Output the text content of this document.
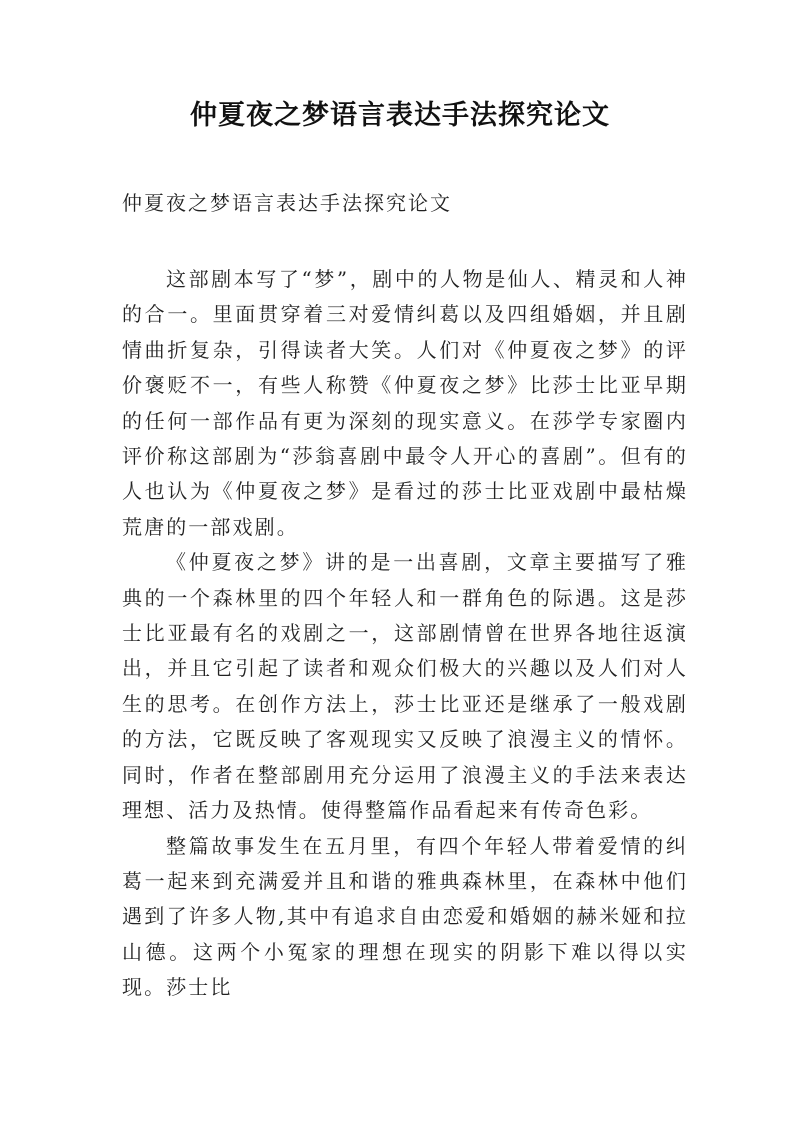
仲夏夜之梦语言表达手法探究论文

仲夏夜之梦语言表达手法探究论文

这部剧本写了“梦”，剧中的人物是仙人、精灵和人神的合一。里面贯穿着三对爱情纠葛以及四组婚姻，并且剧情曲折复杂，引得读者大笑。人们对《仲夏夜之梦》的评价褒贬不一，有些人称赞《仲夏夜之梦》比莎士比亚早期的任何一部作品有更为深刻的现实意义。在莎学专家圈内评价称这部剧为“莎翁喜剧中最令人开心的喜剧”。但有的人也认为《仲夏夜之梦》是看过的莎士比亚戏剧中最枯燥荒唐的一部戏剧。

《仲夏夜之梦》讲的是一出喜剧，文章主要描写了雅典的一个森林里的四个年轻人和一群角色的际遇。这是莎士比亚最有名的戏剧之一，这部剧情曾在世界各地往返演出，并且它引起了读者和观众们极大的兴趣以及人们对人生的思考。在创作方法上，莎士比亚还是继承了一般戏剧的方法，它既反映了客观现实又反映了浪漫主义的情怀。同时，作者在整部剧用充分运用了浪漫主义的手法来表达理想、活力及热情。使得整篇作品看起来有传奇色彩。

整篇故事发生在五月里，有四个年轻人带着爱情的纠葛一起来到充满爱并且和谐的雅典森林里，在森林中他们遇到了许多人物,其中有追求自由恋爱和婚姻的赫米娅和拉山德。这两个小冤家的理想在现实的阴影下难以得以实现。莎士比
